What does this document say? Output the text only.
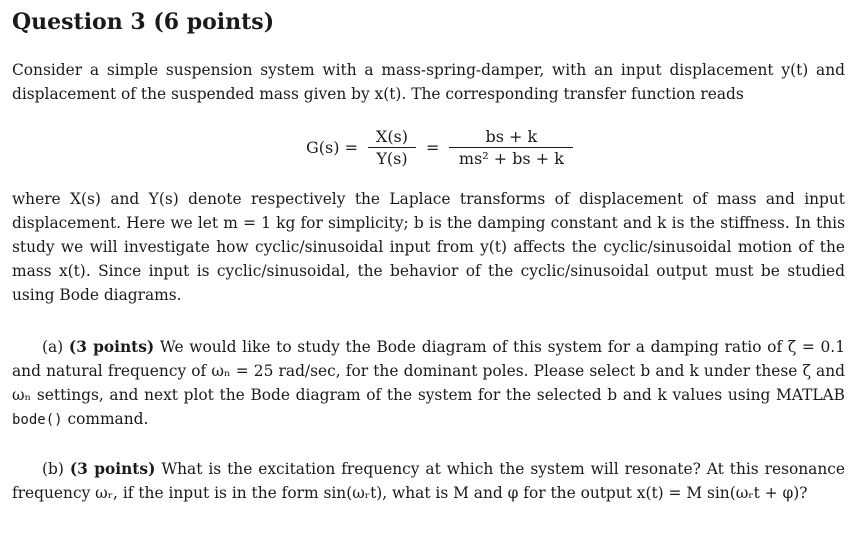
Question 3 (6 points)
Consider a simple suspension system with a mass-spring-damper, with an input displacement y(t) and displacement of the suspended mass given by x(t). The corresponding transfer function reads
$G(s) = \frac{X(s)}{Y(s)} = \frac{bs + k}{\text{ms² + bs + k}}$
where X(s) and Y(s) denote respectively the Laplace transforms of displacement of mass and input displacement. Here we let m = 1 kg for simplicity; b is the damping constant and k is the stiffness. In this study we will investigate how cyclic/sinusoidal input from y(t) affects the cyclic/sinusoidal motion of the mass x(t). Since input is cyclic/sinusoidal, the behavior of the cyclic/sinusoidal output must be studied using Bode diagrams.
(a) (3 points) We would like to study the Bode diagram of this system for a damping ratio of ζ = 0.1 and natural frequency of ωₙ = 25 rad/sec, for the dominant poles. Please select b and k under these ζ and ωₙ settings, and next plot the Bode diagram of the system for the selected b and k values using MATLAB bode() command.
(b) (3 points) What is the excitation frequency at which the system will resonate? At this resonance frequency ωᵣ, if the input is in the form sin(ωᵣt), what is M and φ for the output x(t) = M sin(ωᵣt + φ)?
